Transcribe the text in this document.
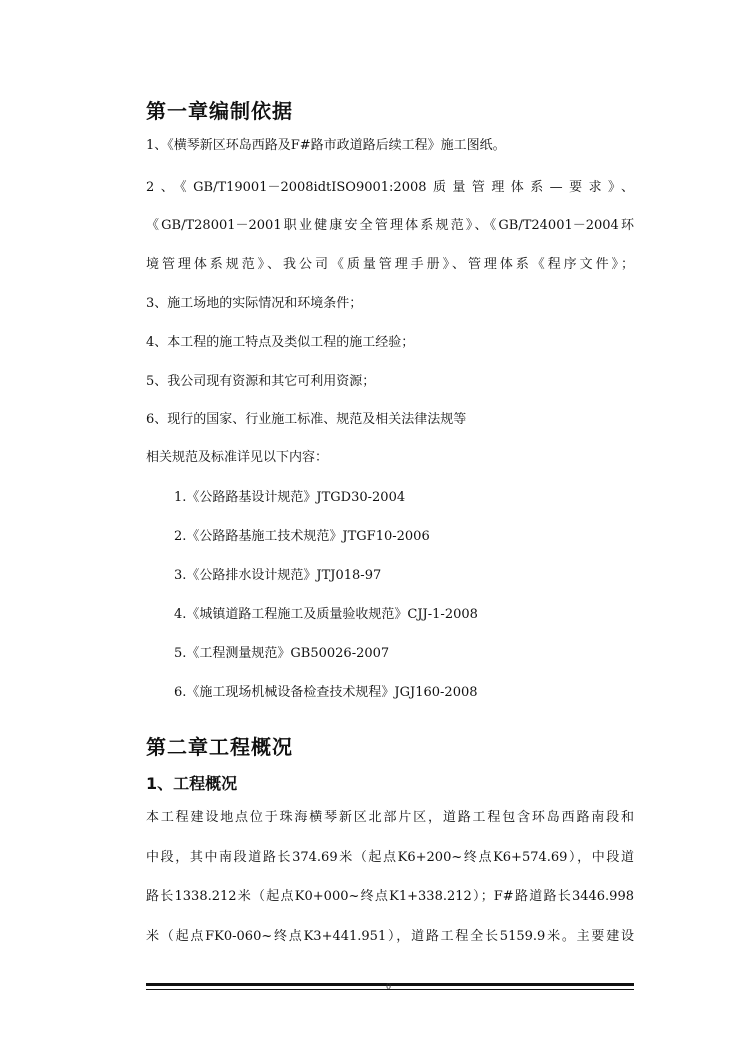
第一章编制依据
1、《横琴新区环岛西路及F#路市政道路后续工程》施工图纸。
2、《GB/T19001－2008idtISO9001:2008质量管理体系—要求》、
《GB/T28001－2001职业健康安全管理体系规范》、《GB/T24001－2004环
境管理体系规范》、我公司《质量管理手册》、管理体系《程序文件》；
3、施工场地的实际情况和环境条件；
4、本工程的施工特点及类似工程的施工经验；
5、我公司现有资源和其它可利用资源；
6、现行的国家、行业施工标准、规范及相关法律法规等
相关规范及标准详见以下内容：
1.《公路路基设计规范》JTGD30-2004
2.《公路路基施工技术规范》JTGF10-2006
3.《公路排水设计规范》JTJ018-97
4.《城镇道路工程施工及质量验收规范》CJJ-1-2008
5.《工程测量规范》GB50026-2007
6.《施工现场机械设备检查技术规程》JGJ160-2008
第二章工程概况
1、工程概况
本工程建设地点位于珠海横琴新区北部片区，道路工程包含环岛西路南段和
中段，其中南段道路长374.69米（起点K6+200~终点K6+574.69），中段道
路长1338.212米（起点K0+000~终点K1+338.212）；F#路道路长3446.998
米（起点FK0-060~终点K3+441.951），道路工程全长5159.9米。主要建设
0
